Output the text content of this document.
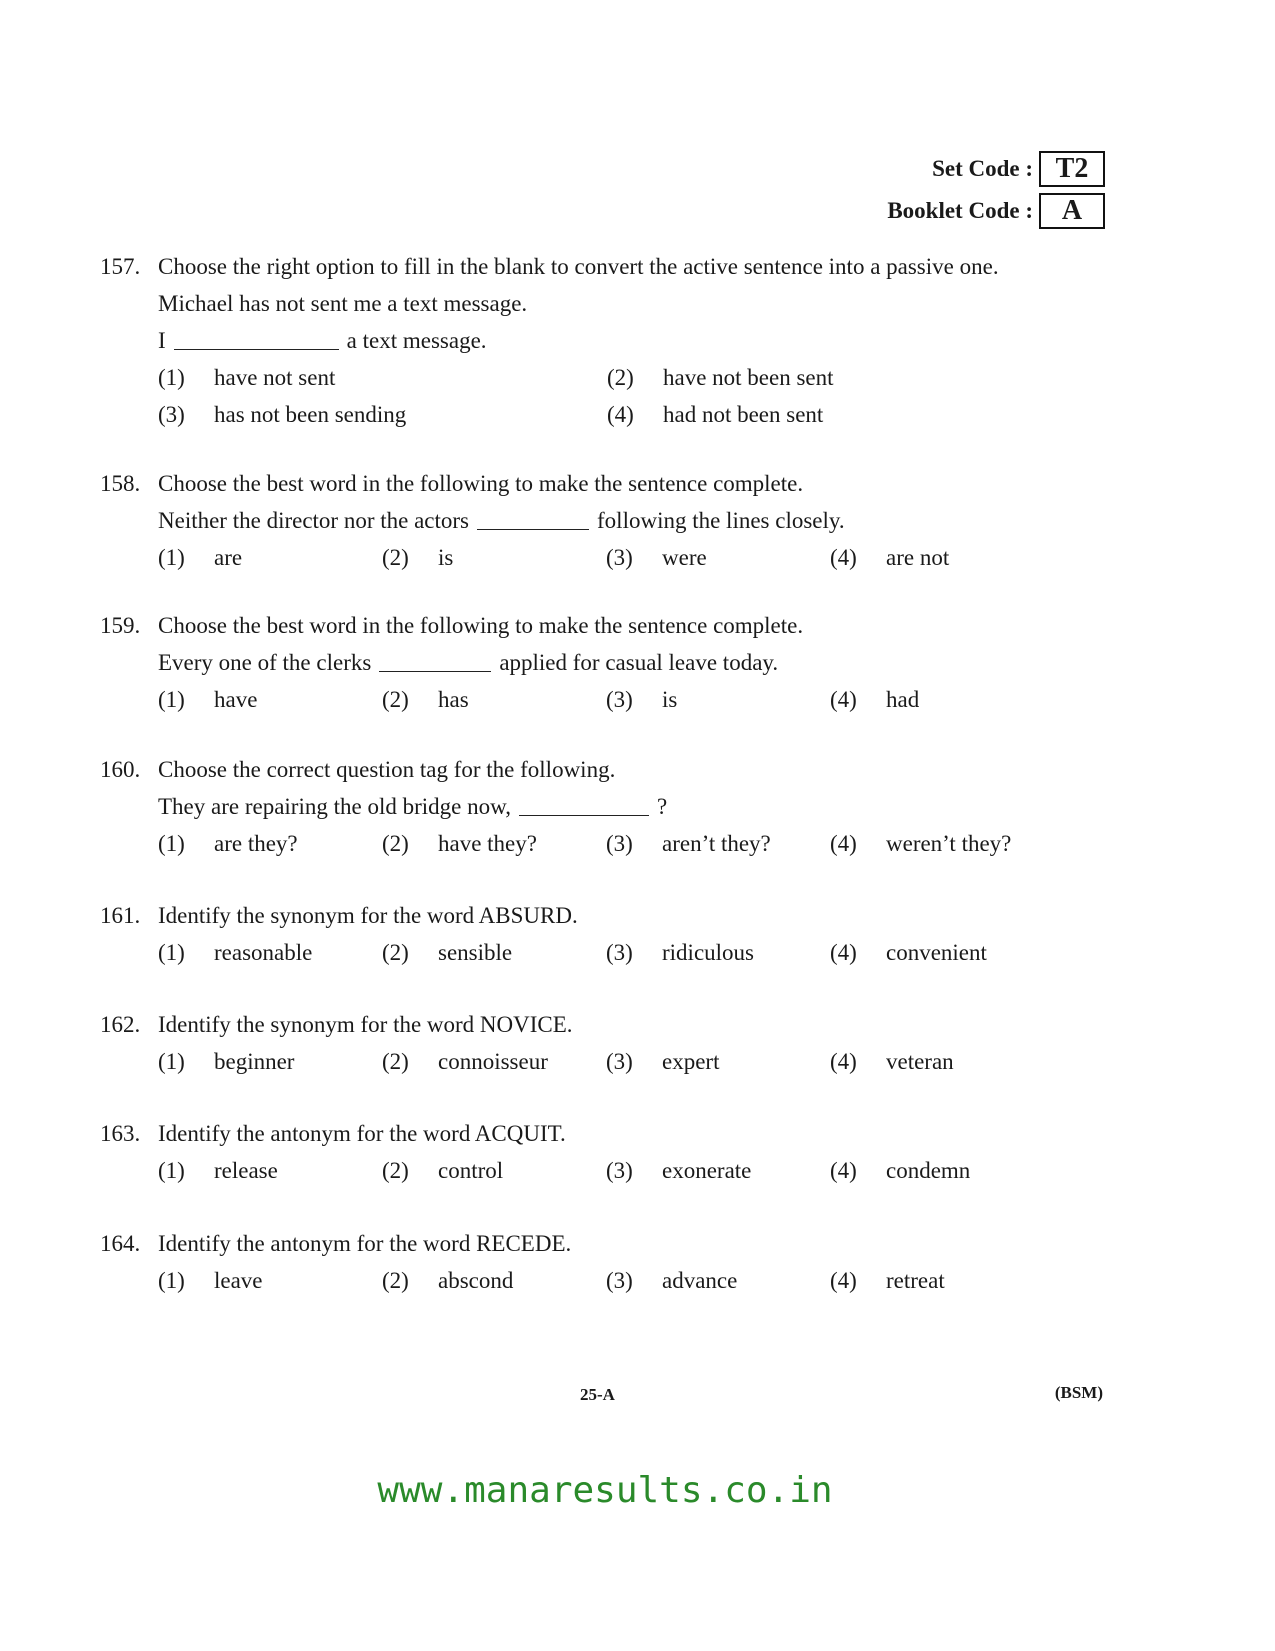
Set Code : T2
Booklet Code :	A
157. Choose the right option to fill in the blank to convert the active sentence into a passive one.
Michael has not sent me a text message.
I	a text message.
(1)	have not sent	(2)	have not been sent
(3)	has not been sending	(4)	had not been sent
158. Choose the best word in the following to make the sentence complete.
Neither the director nor the actors	following the lines closely.
(1)	are	(2)	is	(3)	were	(4)	are not
159. Choose the best word in the following to make the sentence complete.
Every one of the clerks	applied for casual leave today.
(1)	have	(2)	has	(3)	is	(4)	had
160. Choose the correct question tag for the following.
They are repairing the old bridge now,	?
(1)	are they?	(2)	have they?	(3)	aren’t they?	(4)	weren’t they?
161. Identify the synonym for the word ABSURD.
(1)	reasonable	(2)	sensible	(3)	ridiculous	(4)	convenient
162. Identify the synonym for the word NOVICE.
(1)	beginner	(2)	connoisseur	(3)	expert	(4)	veteran
163. Identify the antonym for the word ACQUIT.
(1)	release	(2)	control	(3)	exonerate	(4)	condemn
164. Identify the antonym for the word RECEDE.
(1)	leave	(2)	abscond	(3)	advance	(4)	retreat
25-A	(BSM)
www.manaresults.co.in
